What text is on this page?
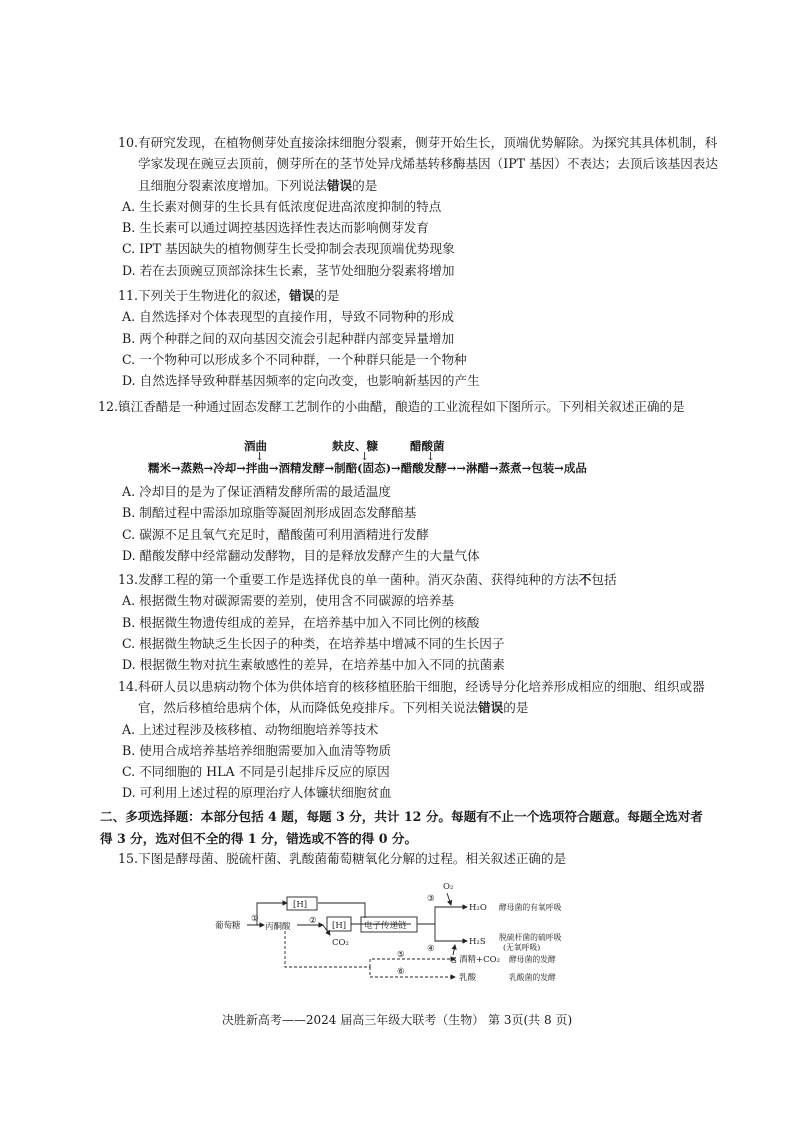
10.有研究发现，在植物侧芽处直接涂抹细胞分裂素，侧芽开始生长，顶端优势解除。为探究其具体机制，科学家发现在豌豆去顶前，侧芽所在的茎节处异戊烯基转移酶基因（IPT 基因）不表达；去顶后该基因表达且细胞分裂素浓度增加。下列说法错误的是

A. 生长素对侧芽的生长具有低浓度促进高浓度抑制的特点

B. 生长素可以通过调控基因选择性表达而影响侧芽发育

C. IPT 基因缺失的植物侧芽生长受抑制会表现顶端优势现象

D. 若在去顶豌豆顶部涂抹生长素，茎节处细胞分裂素将增加

11.下列关于生物进化的叙述，错误的是

A. 自然选择对个体表现型的直接作用，导致不同物种的形成

B. 两个种群之间的双向基因交流会引起种群内部变异量增加

C. 一个物种可以形成多个不同种群，一个种群只能是一个物种

D. 自然选择导致种群基因频率的定向改变，也影响新基因的产生

镇江香醋是一种通过固态发酵工艺制作的小曲醋，酿造的工业流程如下图所示。下列相关叙述正确的是

12.
酒曲
↓
麸皮、糠
↓
醋酸菌
↓
糯米→蒸熟→冷却→拌曲→酒精发酵→制醅(固态)→醋酸发酵→→淋醋→蒸煮→包装→成品

A. 冷却目的是为了保证酒精发酵所需的最适温度

B. 制醅过程中需添加琼脂等凝固剂形成固态发酵醅基

C. 碳源不足且氧气充足时，醋酸菌可利用酒精进行发酵

D. 醋酸发酵中经常翻动发酵物，目的是释放发酵产生的大量气体

13.发酵工程的第一个重要工作是选择优良的单一菌种。消灭杂菌、获得纯种的方法不包括

A. 根据微生物对碳源需要的差别，使用含不同碳源的培养基

B. 根据微生物遗传组成的差异，在培养基中加入不同比例的核酸

C. 根据微生物缺乏生长因子的种类，在培养基中增减不同的生长因子

D. 根据微生物对抗生素敏感性的差异，在培养基中加入不同的抗菌素

14.科研人员以患病动物个体为供体培育的核移植胚胎干细胞，经诱导分化培养形成相应的细胞、组织或器官，然后移植给患病个体，从而降低免疫排斥。下列相关说法错误的是

A. 上述过程涉及核移植、动物细胞培养等技术

B. 使用合成培养基培养细胞需要加入血清等物质

C. 不同细胞的 HLA 不同是引起排斥反应的原因

D. 可利用上述过程的原理治疗人体镰状细胞贫血

二、多项选择题：本部分包括 4 题，每题 3 分，共计 12 分。每题有不止一个选项符合题意。每题全选对者得 3 分，选对但不全的得 1 分，错选或不答的得 0 分。

15.下图是酵母菌、脱硫杆菌、乳酸菌葡萄糖氧化分解的过程。相关叙述正确的是

葡萄糖	丙酮酸
[H]
[H]
CO₂
电子传递链
O₂
H₂O
H₂S
S
①	②
③
④
⑤
⑥
酵母菌的有氧呼吸
脱硫杆菌的硫呼吸
(无氧呼吸)
酒精+CO₂ 酵母菌的发酵
乳酸	乳酸菌的发酵
决胜新高考——2024 届高三年级大联考（生物） 第 3页(共 8 页)
